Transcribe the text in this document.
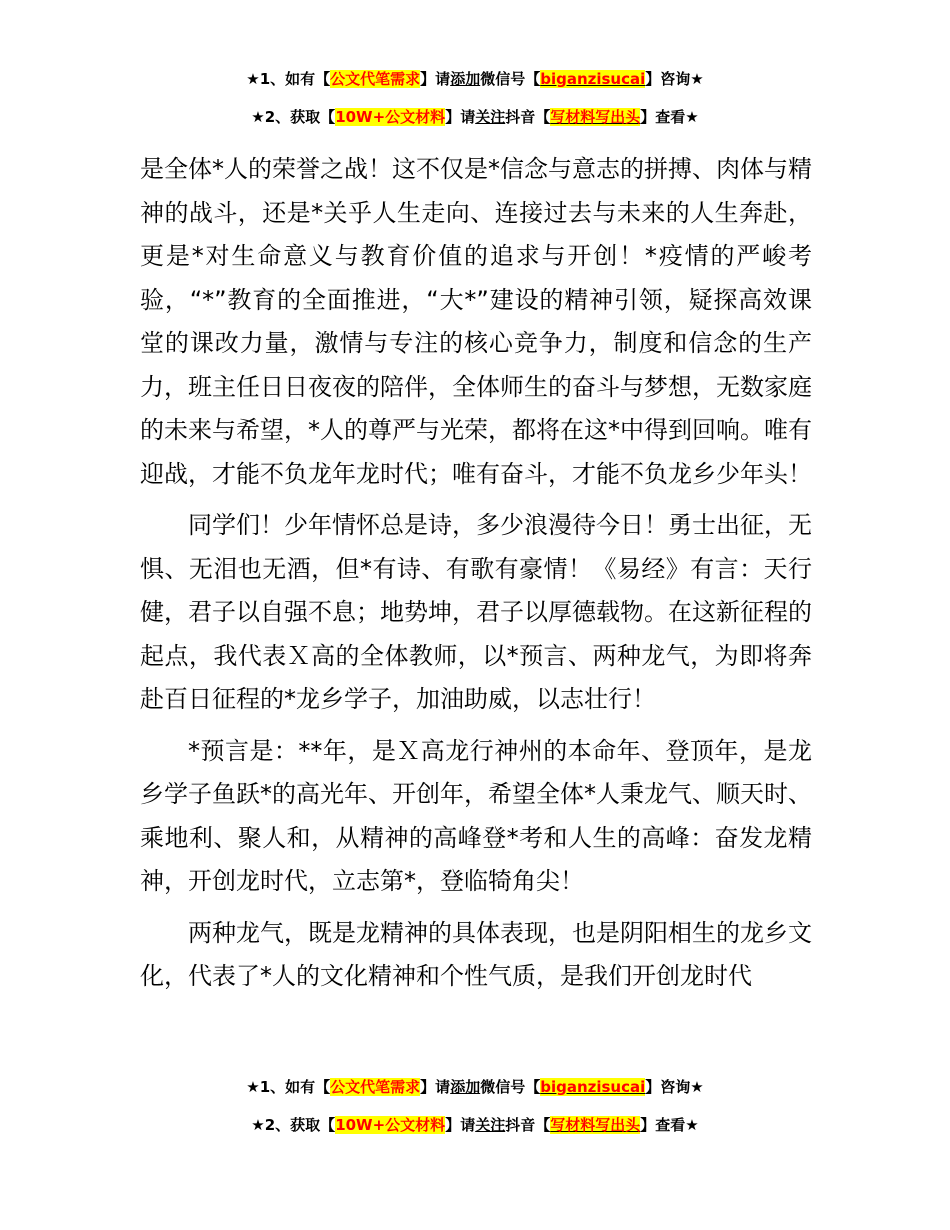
★1、如有【公文代笔需求】请添加微信号【biganzisucai】咨询★
★2、获取【10W+公文材料】请关注抖音【写材料写出头】查看★

是全体*人的荣誉之战！这不仅是*信念与意志的拼搏、肉体与精神的战斗，还是*关乎人生走向、连接过去与未来的人生奔赴，更是*对生命意义与教育价值的追求与开创！*疫情的严峻考验，“*”教育的全面推进，“大*”建设的精神引领，疑探高效课堂的课改力量，激情与专注的核心竞争力，制度和信念的生产力，班主任日日夜夜的陪伴，全体师生的奋斗与梦想，无数家庭的未来与希望，*人的尊严与光荣，都将在这*中得到回响。唯有迎战，才能不负龙年龙时代；唯有奋斗，才能不负龙乡少年头！

同学们！少年情怀总是诗，多少浪漫待今日！勇士出征，无惧、无泪也无酒，但*有诗、有歌有豪情！《易经》有言：天行健，君子以自强不息；地势坤，君子以厚德载物。在这新征程的起点，我代表Ｘ高的全体教师，以*预言、两种龙气，为即将奔赴百日征程的*龙乡学子，加油助威，以志壮行！

*预言是：**年，是Ｘ高龙行神州的本命年、登顶年，是龙乡学子鱼跃*的高光年、开创年，希望全体*人秉龙气、顺天时、乘地利、聚人和，从精神的高峰登*考和人生的高峰：奋发龙精神，开创龙时代，立志第*，登临犄角尖！

两种龙气，既是龙精神的具体表现，也是阴阳相生的龙乡文化，代表了*人的文化精神和个性气质，是我们开创龙时代

★1、如有【公文代笔需求】请添加微信号【biganzisucai】咨询★
★2、获取【10W+公文材料】请关注抖音【写材料写出头】查看★
